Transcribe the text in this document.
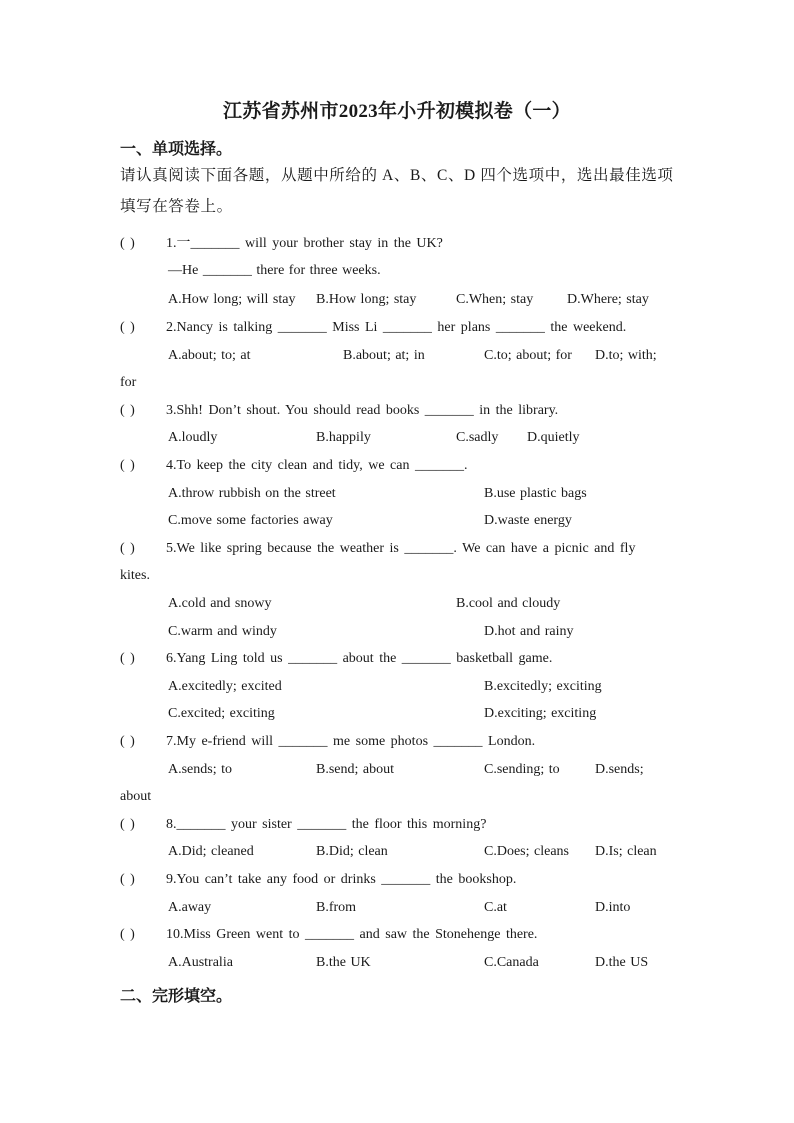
江苏省苏州市2023年小升初模拟卷（一）
一、单项选择。
请认真阅读下面各题，从题中所给的 A、B、C、D 四个选项中，选出最佳选项填写在答卷上。
( ) 1.一_______ will your brother stay in the UK?
—He _______ there for three weeks.
A.How long; will stay B.How long; stay	C.When; stay D.Where; stay
( ) 2.Nancy is talking _______ Miss Li _______ her plans _______ the weekend.
A.about; to; at	B.about; at; in	C.to; about; for D.to; with;
for
( ) 3.Shh! Don’t shout. You should read books _______ in the library.
A.loudly	B.happily	C.sadly D.quietly
( ) 4.To keep the city clean and tidy, we can _______.
A.throw rubbish on the street	B.use plastic bags
C.move some factories away	D.waste energy
( ) 5.We like spring because the weather is _______. We can have a picnic and fly
kites.
A.cold and snowy	B.cool and cloudy
C.warm and windy	D.hot and rainy
( ) 6.Yang Ling told us _______ about the _______ basketball game.
A.excitedly; excited	B.excitedly; exciting
C.excited; exciting	D.exciting; exciting
( ) 7.My e-friend will _______ me some photos _______ London.
A.sends; to	B.send; about	C.sending; to	D.sends;
about
( ) 8._______ your sister _______ the floor this morning?
A.Did; cleaned	B.Did; clean	C.Does; cleans D.Is; clean
( ) 9.You can’t take any food or drinks _______ the bookshop.
A.away	B.from	C.at	D.into
( ) 10.Miss Green went to _______ and saw the Stonehenge there.
A.Australia	B.the UK	C.Canada	D.the US
二、完形填空。
